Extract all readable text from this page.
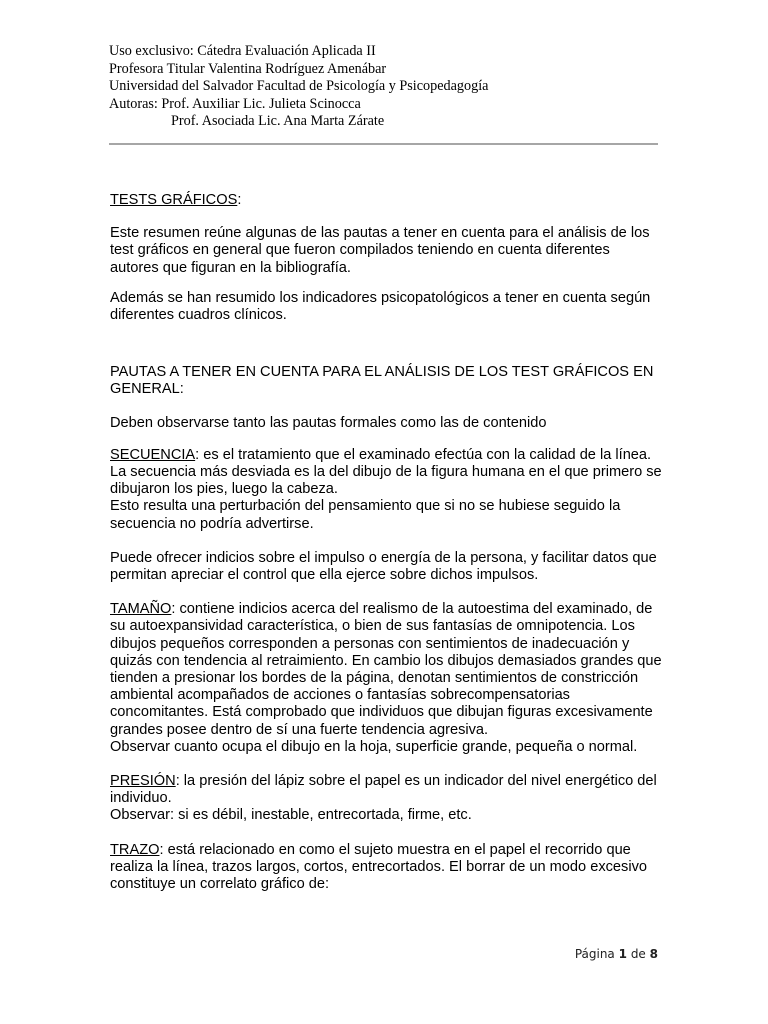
Uso exclusivo: Cátedra Evaluación Aplicada II
Profesora Titular Valentina Rodríguez Amenábar
Universidad del Salvador Facultad de Psicología y Psicopedagogía
Autoras: Prof. Auxiliar Lic. Julieta Scinocca
Prof. Asociada Lic. Ana Marta Zárate

TESTS GRÁFICOS:

Este resumen reúne algunas de las pautas a tener en cuenta para el análisis de los test gráficos en general que fueron compilados teniendo en cuenta diferentes autores que figuran en la bibliografía.

Además se han resumido los indicadores psicopatológicos a tener en cuenta según diferentes cuadros clínicos.

PAUTAS A TENER EN CUENTA PARA EL ANÁLISIS DE LOS TEST GRÁFICOS EN GENERAL:

Deben observarse tanto las pautas formales como las de contenido

SECUENCIA: es el tratamiento que el examinado efectúa con la calidad de la línea. La secuencia más desviada es la del dibujo de la figura humana en el que primero se dibujaron los pies, luego la cabeza.

Esto resulta una perturbación del pensamiento que si no se hubiese seguido la secuencia no podría advertirse.

Puede ofrecer indicios sobre el impulso o energía de la persona, y facilitar datos que permitan apreciar el control que ella ejerce sobre dichos impulsos.

TAMAÑO: contiene indicios acerca del realismo de la autoestima del examinado, de su autoexpansividad característica, o bien de sus fantasías de omnipotencia. Los dibujos pequeños corresponden a personas con sentimientos de inadecuación y quizás con tendencia al retraimiento. En cambio los dibujos demasiados grandes que tienden a presionar los bordes de la página, denotan sentimientos de constricción ambiental acompañados de acciones o fantasías sobrecompensatorias concomitantes. Está comprobado que individuos que dibujan figuras excesivamente grandes posee dentro de sí una fuerte tendencia agresiva.

Observar cuanto ocupa el dibujo en la hoja, superficie grande, pequeña o normal.

PRESIÓN: la presión del lápiz sobre el papel es un indicador del nivel energético del individuo.

Observar: si es débil, inestable, entrecortada, firme, etc.

TRAZO: está relacionado en como el sujeto muestra en el papel el recorrido que realiza la línea, trazos largos, cortos, entrecortados. El borrar de un modo excesivo constituye un correlato gráfico de:

Página 1 de 8
